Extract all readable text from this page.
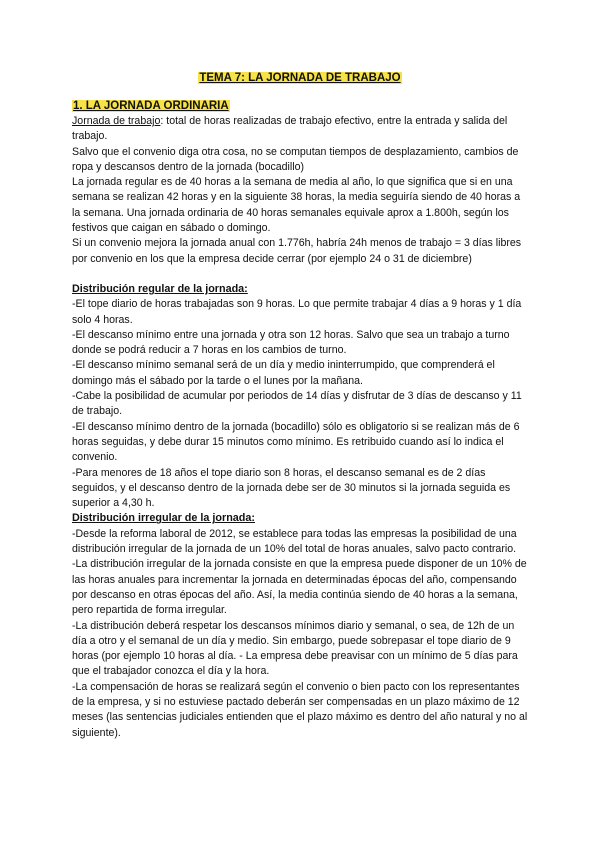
TEMA 7: LA JORNADA DE TRABAJO
1. LA JORNADA ORDINARIA

Jornada de trabajo: total de horas realizadas de trabajo efectivo, entre la entrada y salida del trabajo.

Salvo que el convenio diga otra cosa, no se computan tiempos de desplazamiento, cambios de ropa y descansos dentro de la jornada (bocadillo)

La jornada regular es de 40 horas a la semana de media al año, lo que significa que si en una semana se realizan 42 horas y en la siguiente 38 horas, la media seguiría siendo de 40 horas a la semana. Una jornada ordinaria de 40 horas semanales equivale aprox a 1.800h, según los festivos que caigan en sábado o domingo.

Si un convenio mejora la jornada anual con 1.776h, habría 24h menos de trabajo = 3 días libres por convenio en los que la empresa decide cerrar (por ejemplo 24 o 31 de diciembre)

Distribución regular de la jornada:

-El tope diario de horas trabajadas son 9 horas. Lo que permite trabajar 4 días a 9 horas y 1 día solo 4 horas.

-El descanso mínimo entre una jornada y otra son 12 horas. Salvo que sea un trabajo a turno donde se podrá reducir a 7 horas en los cambios de turno.

-El descanso mínimo semanal será de un día y medio ininterrumpido, que comprenderá el domingo más el sábado por la tarde o el lunes por la mañana.

-Cabe la posibilidad de acumular por periodos de 14 días y disfrutar de 3 días de descanso y 11 de trabajo.

-El descanso mínimo dentro de la jornada (bocadillo) sólo es obligatorio si se realizan más de 6 horas seguidas, y debe durar 15 minutos como mínimo. Es retribuido cuando así lo indica el convenio.

-Para menores de 18 años el tope diario son 8 horas, el descanso semanal es de 2 días seguidos, y el descanso dentro de la jornada debe ser de 30 minutos si la jornada seguida es superior a 4,30 h.

Distribución irregular de la jornada:

-Desde la reforma laboral de 2012, se establece para todas las empresas la posibilidad de una distribución irregular de la jornada de un 10% del total de horas anuales, salvo pacto contrario.

-La distribución irregular de la jornada consiste en que la empresa puede disponer de un 10% de las horas anuales para incrementar la jornada en determinadas épocas del año, compensando por descanso en otras épocas del año. Así, la media continúa siendo de 40 horas a la semana, pero repartida de forma irregular.

-La distribución deberá respetar los descansos mínimos diario y semanal, o sea, de 12h de un día a otro y el semanal de un día y medio. Sin embargo, puede sobrepasar el tope diario de 9 horas (por ejemplo 10 horas al día. - La empresa debe preavisar con un mínimo de 5 días para que el trabajador conozca el día y la hora.

-La compensación de horas se realizará según el convenio o bien pacto con los representantes de la empresa, y si no estuviese pactado deberán ser compensadas en un plazo máximo de 12 meses (las sentencias judiciales entienden que el plazo máximo es dentro del año natural y no al siguiente).
